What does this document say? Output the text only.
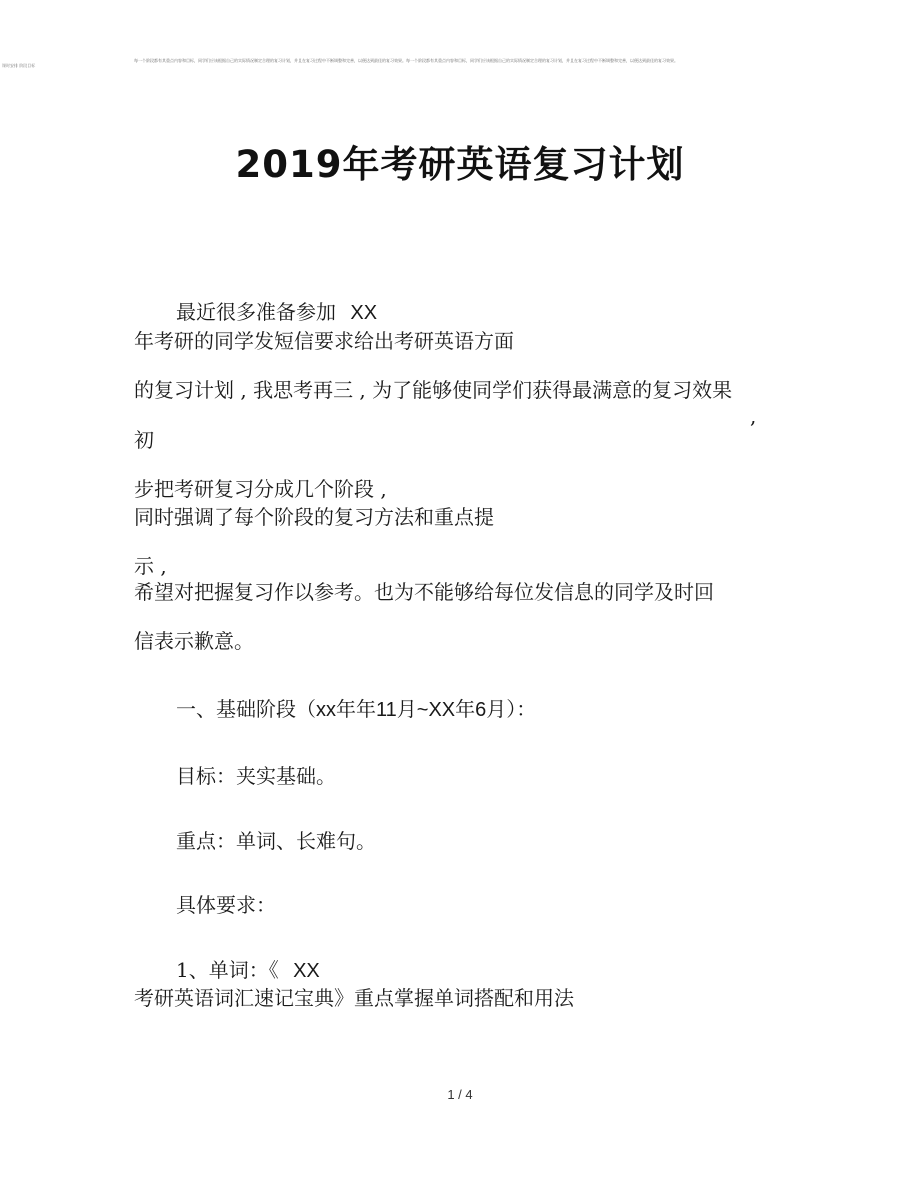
课时安排 阶段目标
每一个阶段都有其重点内容和目标，同学们应该根据自己的实际情况制定合理的复习计划，并且在复习过程中不断调整和完善，以便达到最佳的复习效果。每一个阶段都有其重点内容和目标，同学们应该根据自己的实际情况制定合理的复习计划，并且在复习过程中不断调整和完善，以便达到最佳的复习效果。
2019年考研英语复习计划
最近很多准备参加 XX
年考研的同学发短信要求给出考研英语方面
的复习计划 , 我思考再三 , 为了能够使同学们获得最满意的复习效果
,
初
步把考研复习分成几个阶段 ,
同时强调了每个阶段的复习方法和重点提
示 ,
希望对把握复习作以参考。也为不能够给每位发信息的同学及时回
信表示歉意。
一、基础阶段（xx年年11月~XX年6月）：
目标：夹实基础。
重点：单词、长难句。
具体要求：
1、单词：《 XX
考研英语词汇速记宝典》重点掌握单词搭配和用法
1 / 4
